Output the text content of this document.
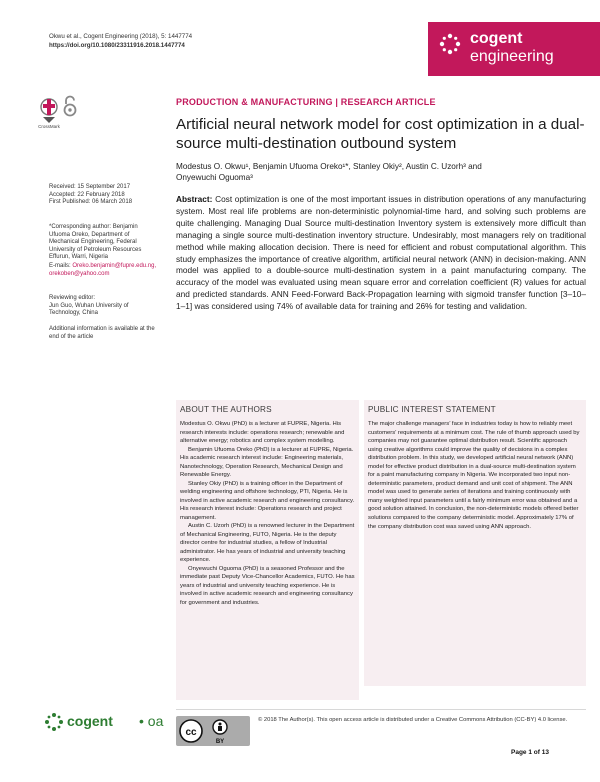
Okwu et al., Cogent Engineering (2018), 5: 1447774
https://doi.org/10.1080/23311916.2018.1447774	cogent
engineering
CrossMark
PRODUCTION & MANUFACTURING | RESEARCH ARTICLE
Artificial neural network model for cost optimization in a dual-source multi-destination outbound system
Modestus O. Okwu¹, Benjamin Ufuoma Oreko¹*, Stanley Okiy², Austin C. Uzorh³ and Onyewuchi Oguoma³
Received: 15 September 2017
Accepted: 22 February 2018
First Published: 06 March 2018
*Corresponding author: Benjamin Ufuoma Oreko, Department of Mechanical Engineering, Federal University of Petroleum Resources Effurun, Warri, Nigeria
E-mails: Oreko.benjamin@fupre.edu.ng, orekoben@yahoo.com
Reviewing editor:
Jun Guo, Wuhan University of Technology, China
Additional information is available at the end of the article
Abstract: Cost optimization is one of the most important issues in distribution operations of any manufacturing system. Most real life problems are non-deterministic polynomial-time hard, and solving such problems are quite challenging. Managing Dual Source multi-destination Inventory system is extensively more difficult than managing a single source multi-destination inventory structure. Undesirably, most managers rely on traditional method while making allocation decision. There is need for efficient and robust computational algorithm. This study emphasizes the importance of creative algorithm, artificial neural network (ANN) in decision-making. ANN model was applied to a double-source multi-destination system in a paint manufacturing company. The accuracy of the model was evaluated using mean square error and correlation coefficient (R) values for actual and predicted standards. ANN Feed-Forward Back-Propagation learning with sigmoid transfer function [3–10–1–1] was considered using 74% of available data for training and 26% for testing and validation.
ABOUT THE AUTHORS

Modestus O. Okwu (PhD) is a lecturer at FUPRE, Nigeria. His research interests include: operations research; renewable and alternative energy; robotics and complex system modelling.

Benjamin Ufuoma Oreko (PhD) is a lecturer at FUPRE, Nigeria. His academic research interest include: Engineering materials, Nanotechnology, Operation Research, Mechanical Design and Renewable Energy.

Stanley Okiy (PhD) is a training officer in the Department of welding engineering and offshore technology, PTI, Nigeria. He is involved in active academic research and engineering consultancy. His research interest include: Operations research and project management.

Austin C. Uzorh (PhD) is a renowned lecturer in the Department of Mechanical Engineering, FUTO, Nigeria. He is the deputy director centre for industrial studies, a fellow of Industrial administrator. He has years of industrial and university teaching experience.

Onyewuchi Oguoma (PhD) is a seasoned Professor and the immediate past Deputy Vice-Chancellor Academics, FUTO. He has years of industrial and university teaching experience. He is involved in active academic research and engineering consultancy for government and industries.

PUBLIC INTEREST STATEMENT
The major challenge managers’ face in industries today is how to reliably meet customers’ requirements at a minimum cost. The rule of thumb approach used by companies may not guarantee optimal distribution result. Scientific approach using creative algorithms could improve the quality of decisions in a complex distribution problem. In this study, we developed artificial neural network (ANN) model for effective product distribution in a dual-source multi-destination system for a paint manufacturing company in Nigeria. We incorporated two input non-deterministic parameters, product demand and unit cost of shipment. The ANN model was used to generate series of iterations and training continuously with many weighted input parameters until a fairly minimum error was obtained and a good solution attained. In conclusion, the non-deterministic models offered better solutions compared to the company deterministic model. Approximately 17% of the company distribution cost was saved using ANN approach.
cogent • oa
cc
BY
© 2018 The Author(s). This open access article is distributed under a Creative Commons Attribution (CC-BY) 4.0 license.
Page 1 of 13
